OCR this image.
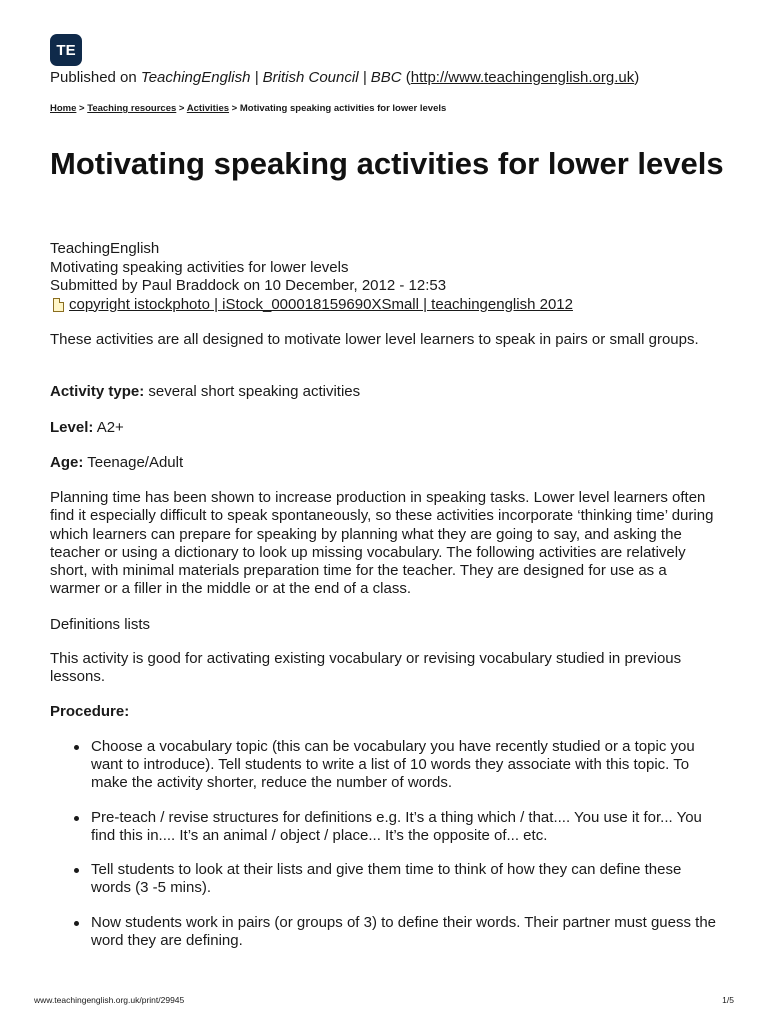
TE
Published on TeachingEnglish | British Council | BBC (http://www.teachingenglish.org.uk)
Home > Teaching resources > Activities > Motivating speaking activities for lower levels
Motivating speaking activities for lower levels
TeachingEnglish
Motivating speaking activities for lower levels
Submitted by Paul Braddock on 10 December, 2012 - 12:53
copyright istockphoto | iStock_000018159690XSmall | teachingenglish 2012

These activities are all designed to motivate lower level learners to speak in pairs or small groups.

Activity type: several short speaking activities

Level: A2+

Age: Teenage/Adult

Planning time has been shown to increase production in speaking tasks. Lower level learners often find it especially difficult to speak spontaneously, so these activities incorporate ‘thinking time’ during which learners can prepare for speaking by planning what they are going to say, and asking the teacher or using a dictionary to look up missing vocabulary. The following activities are relatively short, with minimal materials preparation time for the teacher. They are designed for use as a warmer or a filler in the middle or at the end of a class.

Definitions lists

This activity is good for activating existing vocabulary or revising vocabulary studied in previous lessons.

Procedure:

Choose a vocabulary topic (this can be vocabulary you have recently studied or a topic you want to introduce). Tell students to write a list of 10 words they associate with this topic. To make the activity shorter, reduce the number of words.
Pre-teach / revise structures for definitions e.g. It’s a thing which / that.... You use it for... You find this in.... It’s an animal / object / place... It’s the opposite of... etc.
Tell students to look at their lists and give them time to think of how they can define these words (3 -5 mins).
Now students work in pairs (or groups of 3) to define their words. Their partner must guess the word they are defining.
www.teachingenglish.org.uk/print/29945	1/5
